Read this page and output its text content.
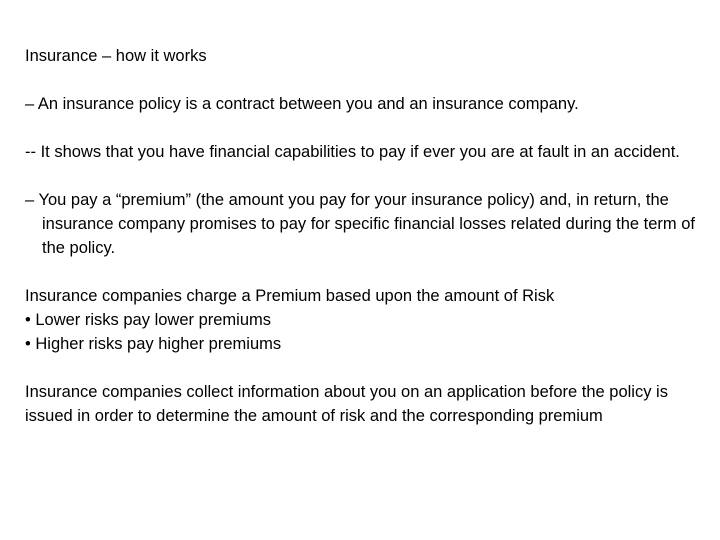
Insurance – how it works

– An insurance policy is a contract between you and an insurance company.

-- It shows that you have financial capabilities to pay if ever you are at fault in an accident.

– You pay a “premium” (the amount you pay for your insurance policy) and, in return, the insurance company promises to pay for specific financial losses related during the term of the policy.

Insurance companies charge a Premium based upon the amount of Risk

• Lower risks pay lower premiums

• Higher risks pay higher premiums

Insurance companies collect information about you on an application before the policy is issued in order to determine the amount of risk and the corresponding premium
